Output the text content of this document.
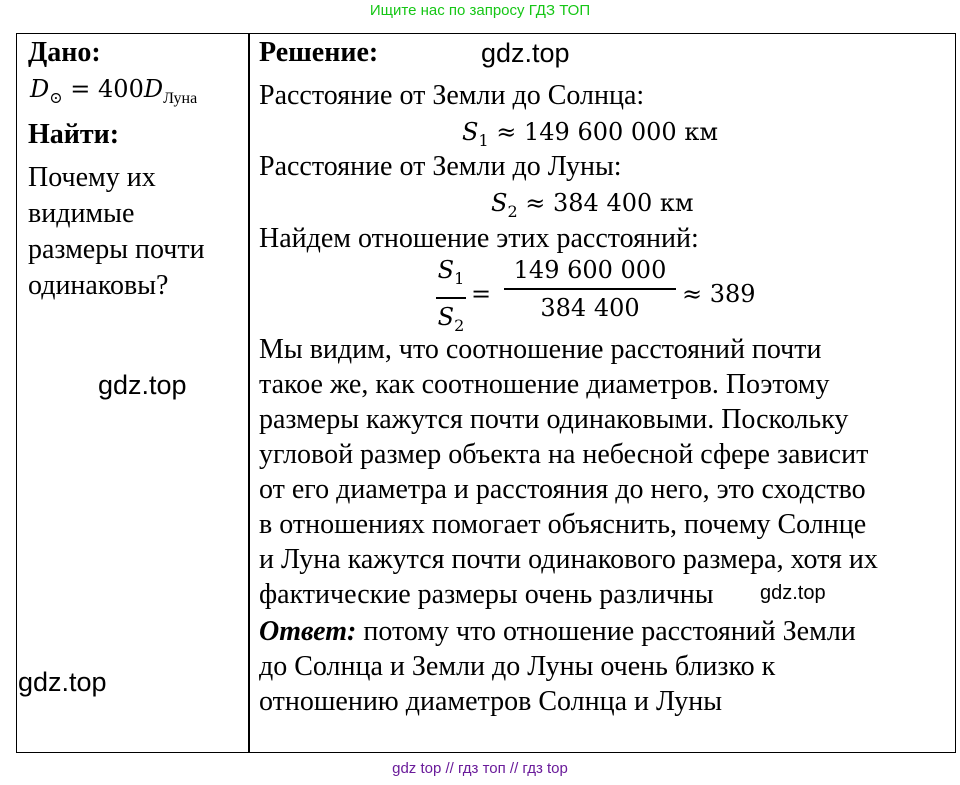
Ищите нас по запросу ГДЗ ТОП
Дано:
$D_⊙ = 400D_{Луна}$
Найти:
Почему их
видимые
размеры почти
одинаковы?
Решение:
Расстояние от Земли до Солнца:
$S_1 \approx 149$ 600 000 км
Расстояние от Земли до Луны:
$S_2 \approx 384$ 400 км
Найдем отношение этих расстояний:
$S_1$
$S_2$
=
149 600 000
384 400 ≈ 389
Мы видим, что соотношение расстояний почти
такое же, как соотношение диаметров. Поэтому
размеры кажутся почти одинаковыми. Поскольку
угловой размер объекта на небесной сфере зависит
от его диаметра и расстояния до него, это сходство
в отношениях помогает объяснить, почему Солнце
и Луна кажутся почти одинакового размера, хотя их
фактические размеры очень различны
Ответ: потому что отношение расстояний Земли
до Солнца и Земли до Луны очень близко к
отношению диаметров Солнца и Луны
gdz.top
gdz.top
gdz.top
gdz.top
gdz top // гдз топ // гдз top
